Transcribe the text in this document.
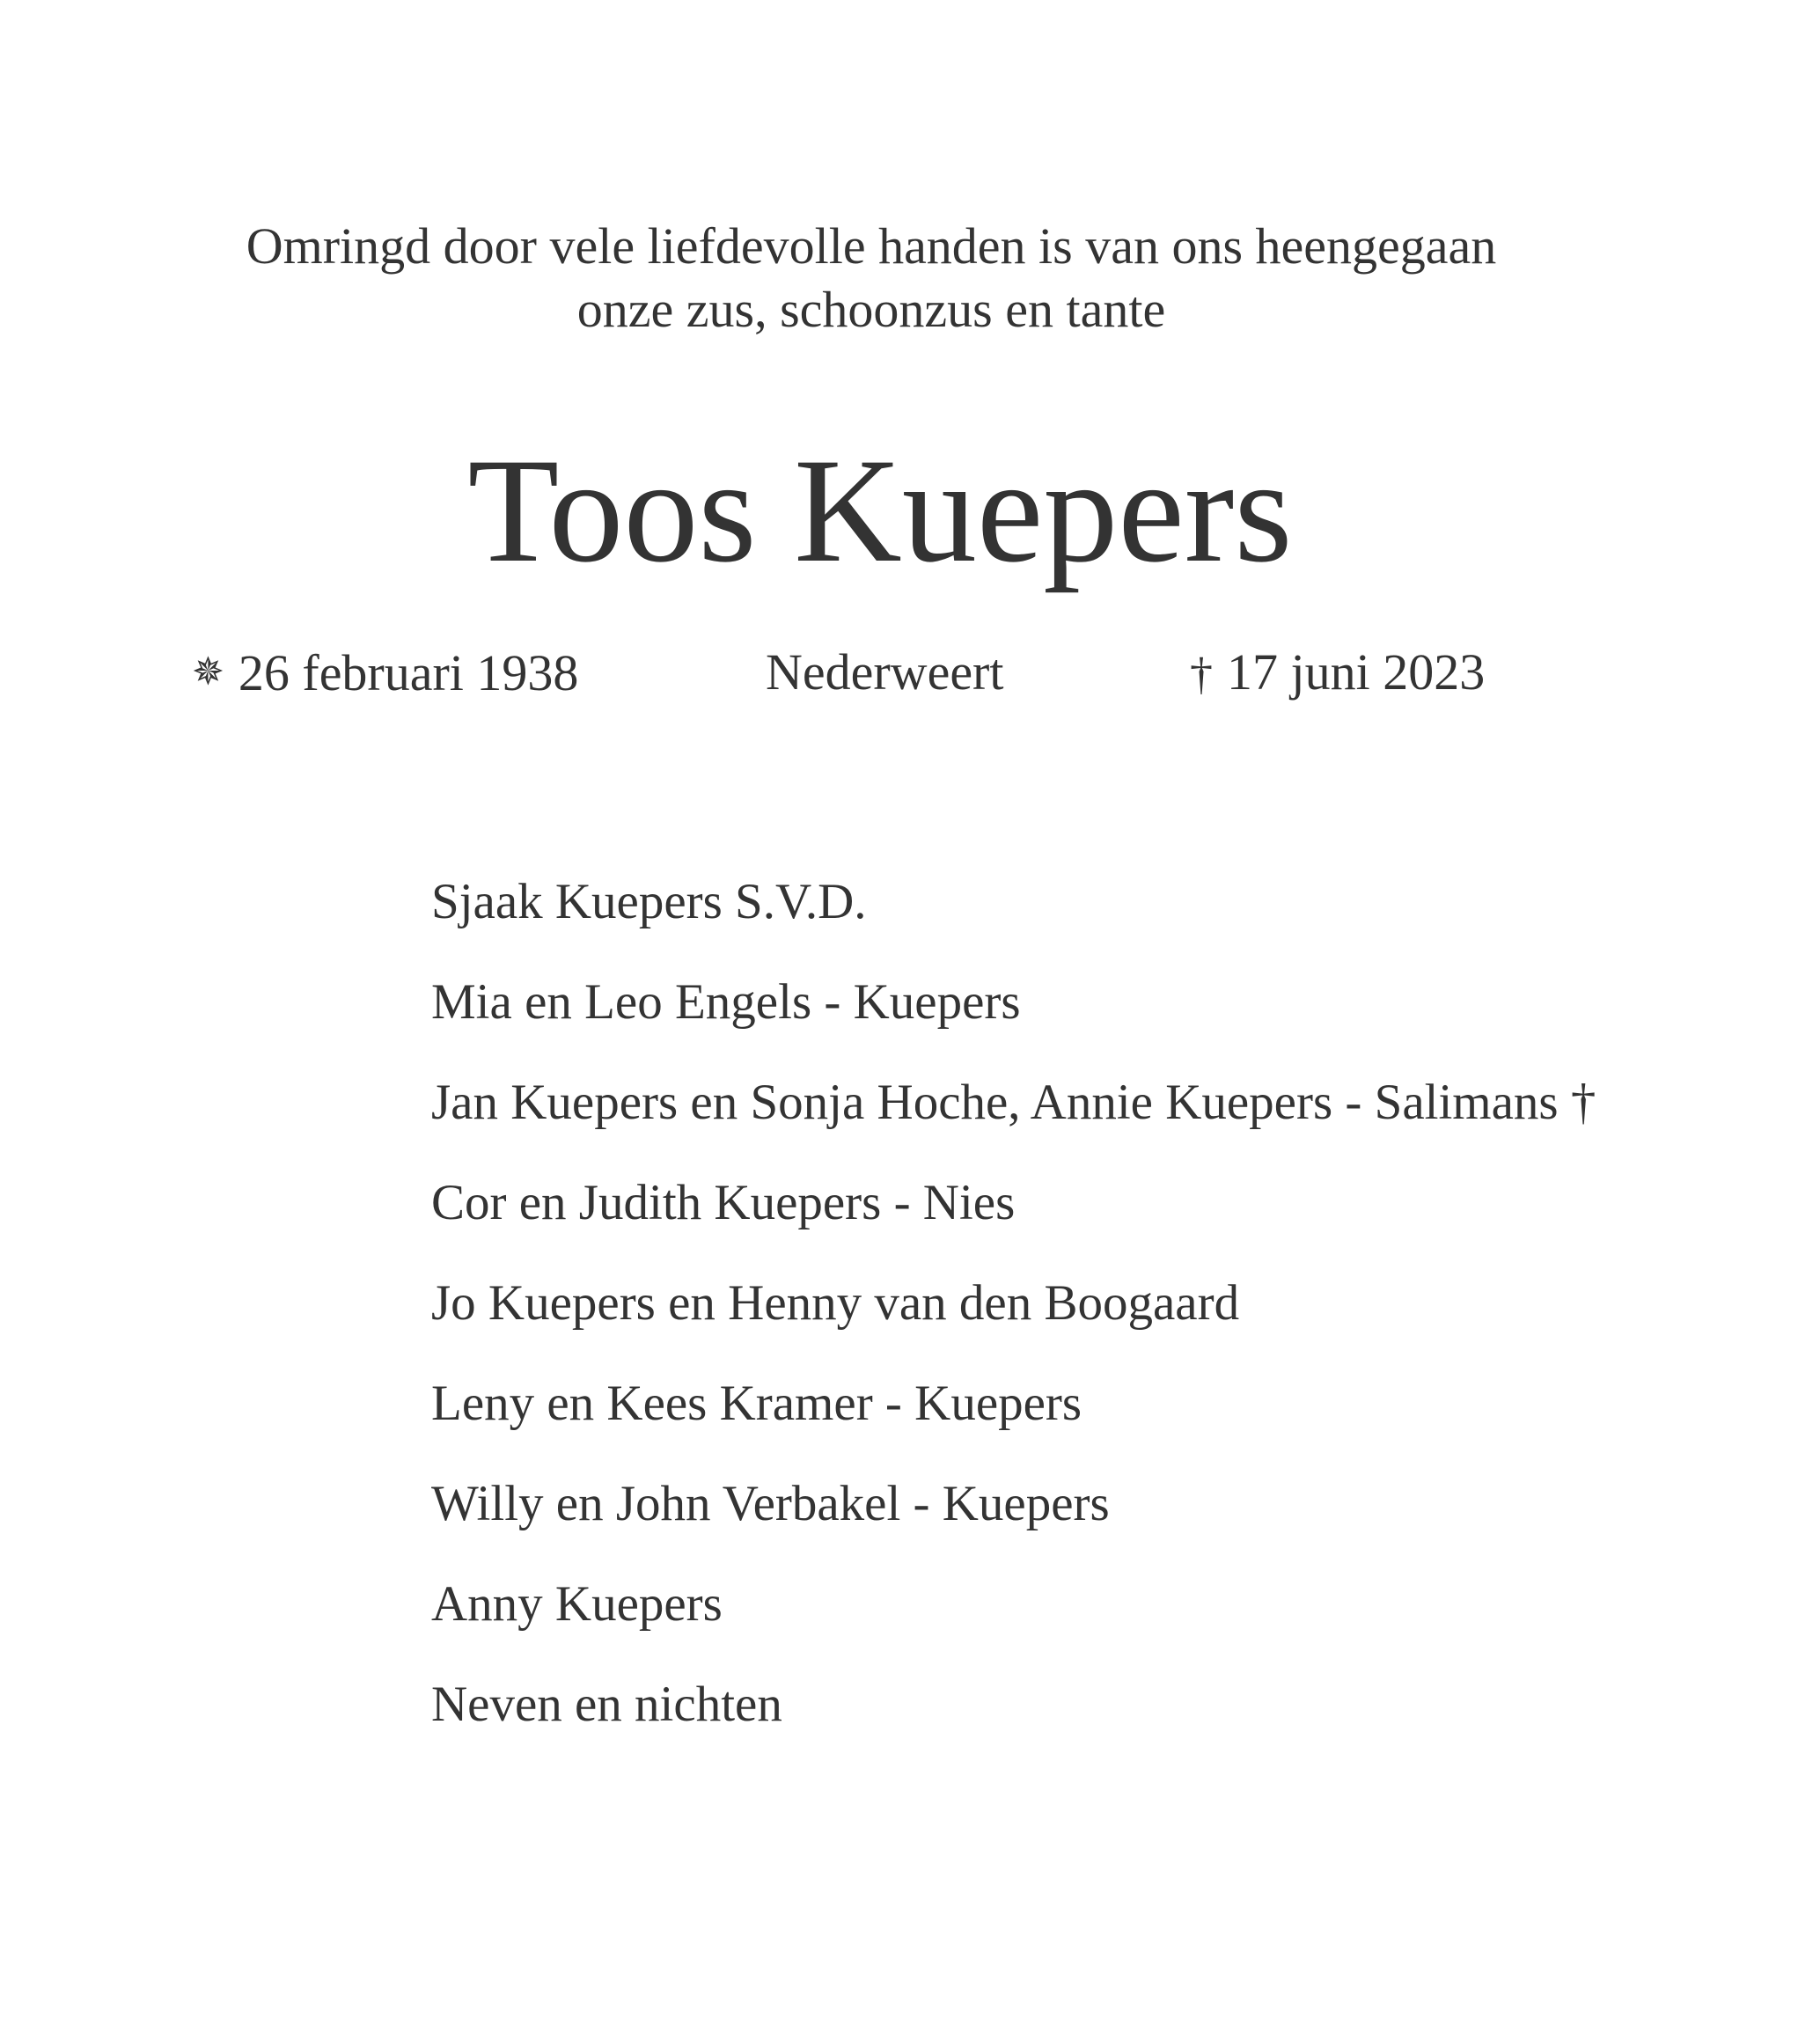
Omringd door vele liefdevolle handen is van ons heengegaan
onze zus, schoonzus en tante
Toos Kuepers
✵ 26 februari 1938	Nederweert	† 17 juni 2023
Sjaak Kuepers S.V.D.
Mia en Leo Engels - Kuepers
Jan Kuepers en Sonja Hoche, Annie Kuepers - Salimans †
Cor en Judith Kuepers - Nies
Jo Kuepers en Henny van den Boogaard
Leny en Kees Kramer - Kuepers
Willy en John Verbakel - Kuepers
Anny Kuepers
Neven en nichten
